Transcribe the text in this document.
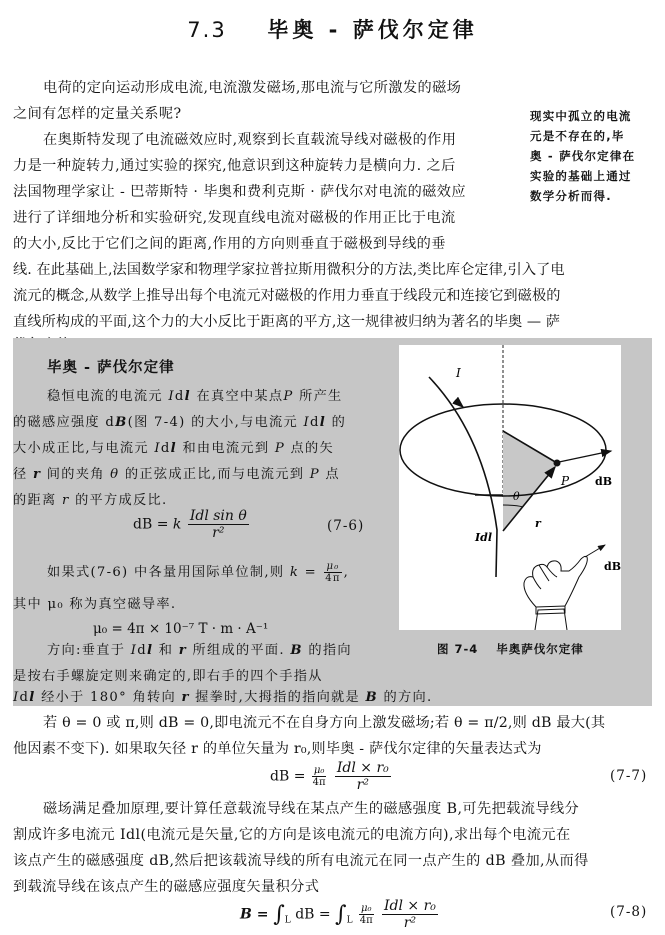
7.3 毕奥 - 萨伐尔定律
电荷的定向运动形成电流,电流激发磁场,那电流与它所激发的磁场
之间有怎样的定量关系呢?
在奥斯特发现了电流磁效应时,观察到长直载流导线对磁极的作用
力是一种旋转力,通过实验的探究,他意识到这种旋转力是横向力. 之后
法国物理学家让 - 巴蒂斯特 · 毕奥和费利克斯 · 萨伐尔对电流的磁效应
进行了详细地分析和实验研究,发现直线电流对磁极的作用正比于电流
的大小,反比于它们之间的距离,作用的方向则垂直于磁极到导线的垂
线. 在此基础上,法国数学家和物理学家拉普拉斯用微积分的方法,类比库仑定律,引入了电
流元的概念,从数学上推导出每个电流元对磁极的作用力垂直于线段元和连接它到磁极的
直线所构成的平面,这个力的大小反比于距离的平方,这一规律被归纳为著名的毕奥 — 萨
现实中孤立的电流
元是不存在的,毕
奥 - 萨伐尔定律在
实验的基础上通过
数学分析而得.
毕奥 - 萨伐尔定律
稳恒电流的电流元 Idl 在真空中某点P 所产生
的磁感应强度 dB(图 7-4) 的大小,与电流元 Idl 的
大小成正比,与电流元 Idl 和由电流元到 P 点的矢
径 r 间的夹角 θ 的正弦成正比,而与电流元到 P 点
的距离 r 的平方成反比.
dB = k $\frac{\text{Idl sin θ}}{\text{r²}}$	(7-6)
如果式(7-6) 中各量用国际单位制,则 $k = \frac{\text{μ₀}}{4\pi}$ ,
其中 μ₀ 称为真空磁导率.
μ₀ = 4π × 10⁻⁷ T · m · A⁻¹
方向:垂直于 Idl 和 r 所组成的平面. B 的指向
是按右手螺旋定则来确定的,即右手的四个手指从
Idl 经小于 180° 角转向 r 握拳时,大拇指的指向就是 B 的方向.
I
P dB
θ
r
Idl
dB
图 7-4 毕奥萨伐尔定律
若 θ = 0 或 π,则 dB = 0,即电流元不在自身方向上激发磁场;若 θ = π/2,则 dB 最大(其
他因素不变下). 如果取矢径 r 的单位矢量为 r₀,则毕奥 - 萨伐尔定律的矢量表达式为
dB = $\frac{\text{μ₀}}{4\pi}$
$\frac{\text{Idl × r₀}}{\text{r²}}$	(7-7)
磁场满足叠加原理,要计算任意载流导线在某点产生的磁感强度 B,可先把载流导线分
割成许多电流元 Idl(电流元是矢量,它的方向是该电流元的电流方向),求出每个电流元在
该点产生的磁感强度 dB,然后把该载流导线的所有电流元在同一点产生的 dB 叠加,从而得
到载流导线在该点产生的磁感应强度矢量积分式
$B = \int_L$ dB = $\int_L \frac{\text{μ₀}}{4\pi}$
$\frac{\text{Idl × r₀}}{\text{r²}}$	(7-8)
